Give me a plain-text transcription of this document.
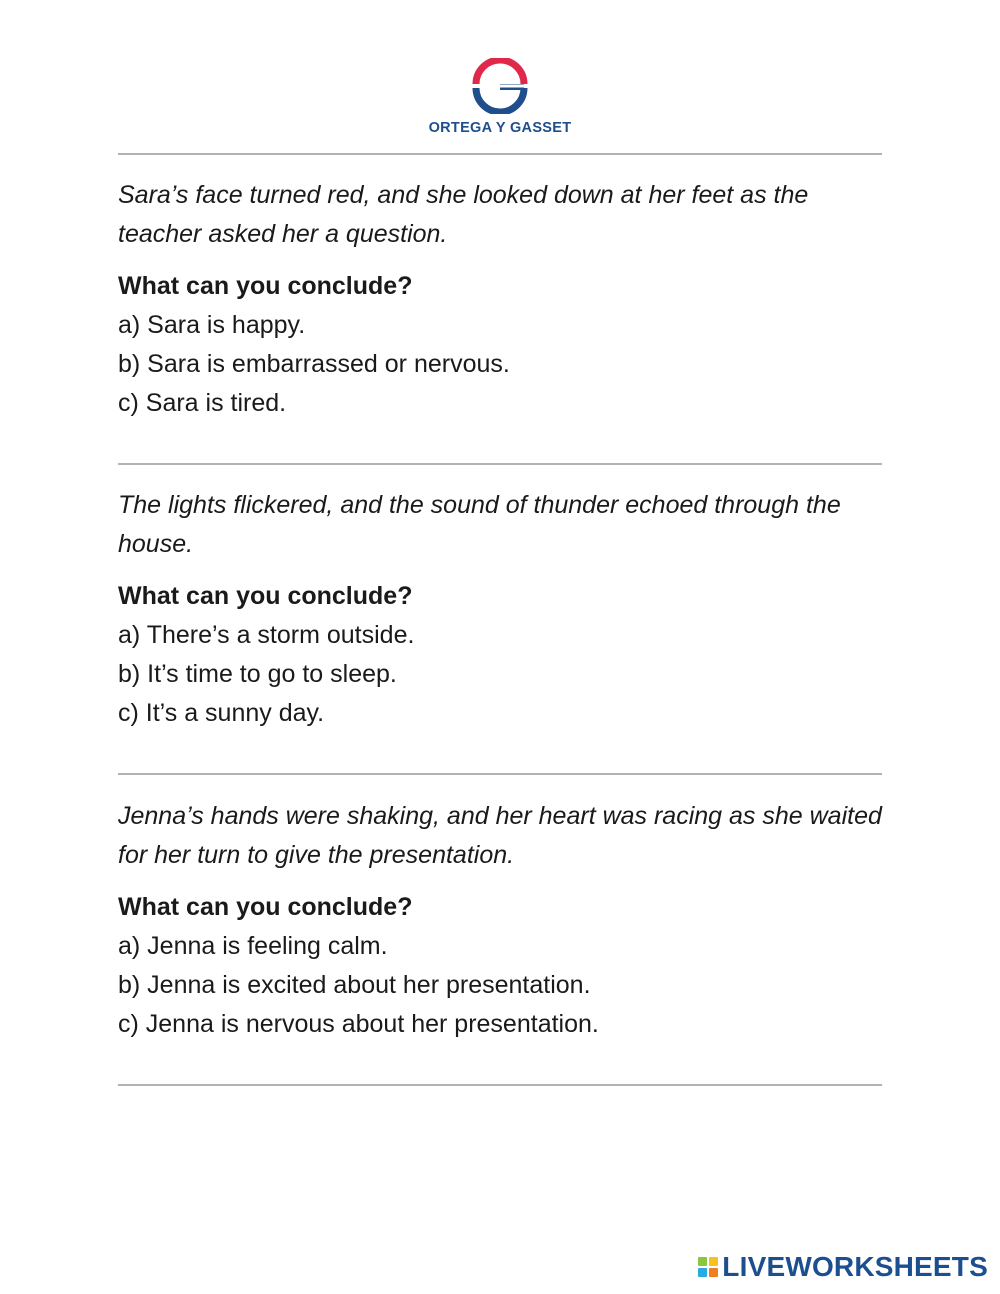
ORTEGA Y GASSET

Sara’s face turned red, and she looked down at her feet as the teacher asked her a question.

What can you conclude?

a) Sara is happy.
b) Sara is embarrassed or nervous.
c) Sara is tired.

The lights flickered, and the sound of thunder echoed through the house.

What can you conclude?

a) There’s a storm outside.
b) It’s time to go to sleep.
c) It’s a sunny day.

Jenna’s hands were shaking, and her heart was racing as she waited for her turn to give the presentation.

What can you conclude?

a) Jenna is feeling calm.
b) Jenna is excited about her presentation.
c) Jenna is nervous about her presentation.
LIVEWORKSHEETS
